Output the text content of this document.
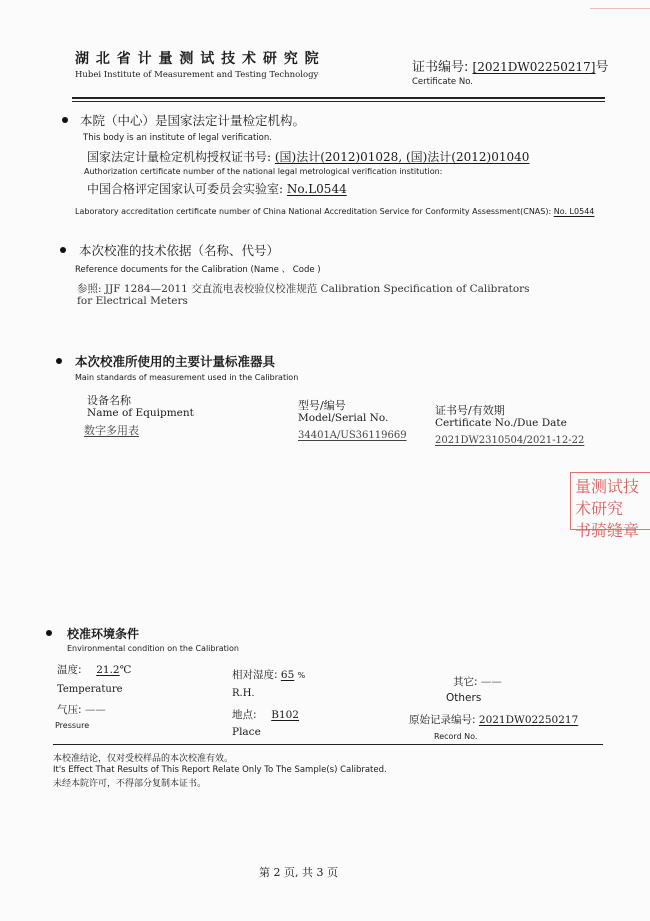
湖 北 省 计 量 测 试 技 术 研 究 院
Hubei Institute of Measurement and Testing Technology	证书编号: [2021DW02250217]号
Certificate No.
本院（中心）是国家法定计量检定机构。
This body is an institute of legal verification.
国家法定计量检定机构授权证书号: (国)法计(2012)01028, (国)法计(2012)01040
Authorization certificate number of the national legal metrological verification institution:
中国合格评定国家认可委员会实验室: No.L0544
Laboratory accreditation certificate number of China National Accreditation Service for Conformity Assessment(CNAS): No. L0544
本次校准的技术依据（名称、代号）
Reference documents for the Calibration (Name 、 Code )
参照: JJF 1284—2011 交直流电表校验仪校准规范 Calibration Specification of Calibrators
for Electrical Meters
本次校准所使用的主要计量标准器具
Main standards of measurement used in the Calibration
设备名称
Name of Equipment
数字多用表
型号/编号
Model/Serial No.
34401A/US36119669
证书号/有效期
Certificate No./Due Date
2021DW2310504/2021-12-22
量测试技术研究
书骑缝章
校准环境条件
Environmental condition on the Calibration
温度: 21.2℃
Temperature
相对湿度: 65 %
R.H.
其它: ——
Others
气压: ——
Pressure
地点: B102
Place
原始记录编号: 2021DW02250217
Record No.
本校准结论，仅对受校样品的本次校准有效。
It's Effect That Results of This Report Relate Only To The Sample(s) Calibrated.
未经本院许可，不得部分复制本证书。
第 2 页, 共 3 页
